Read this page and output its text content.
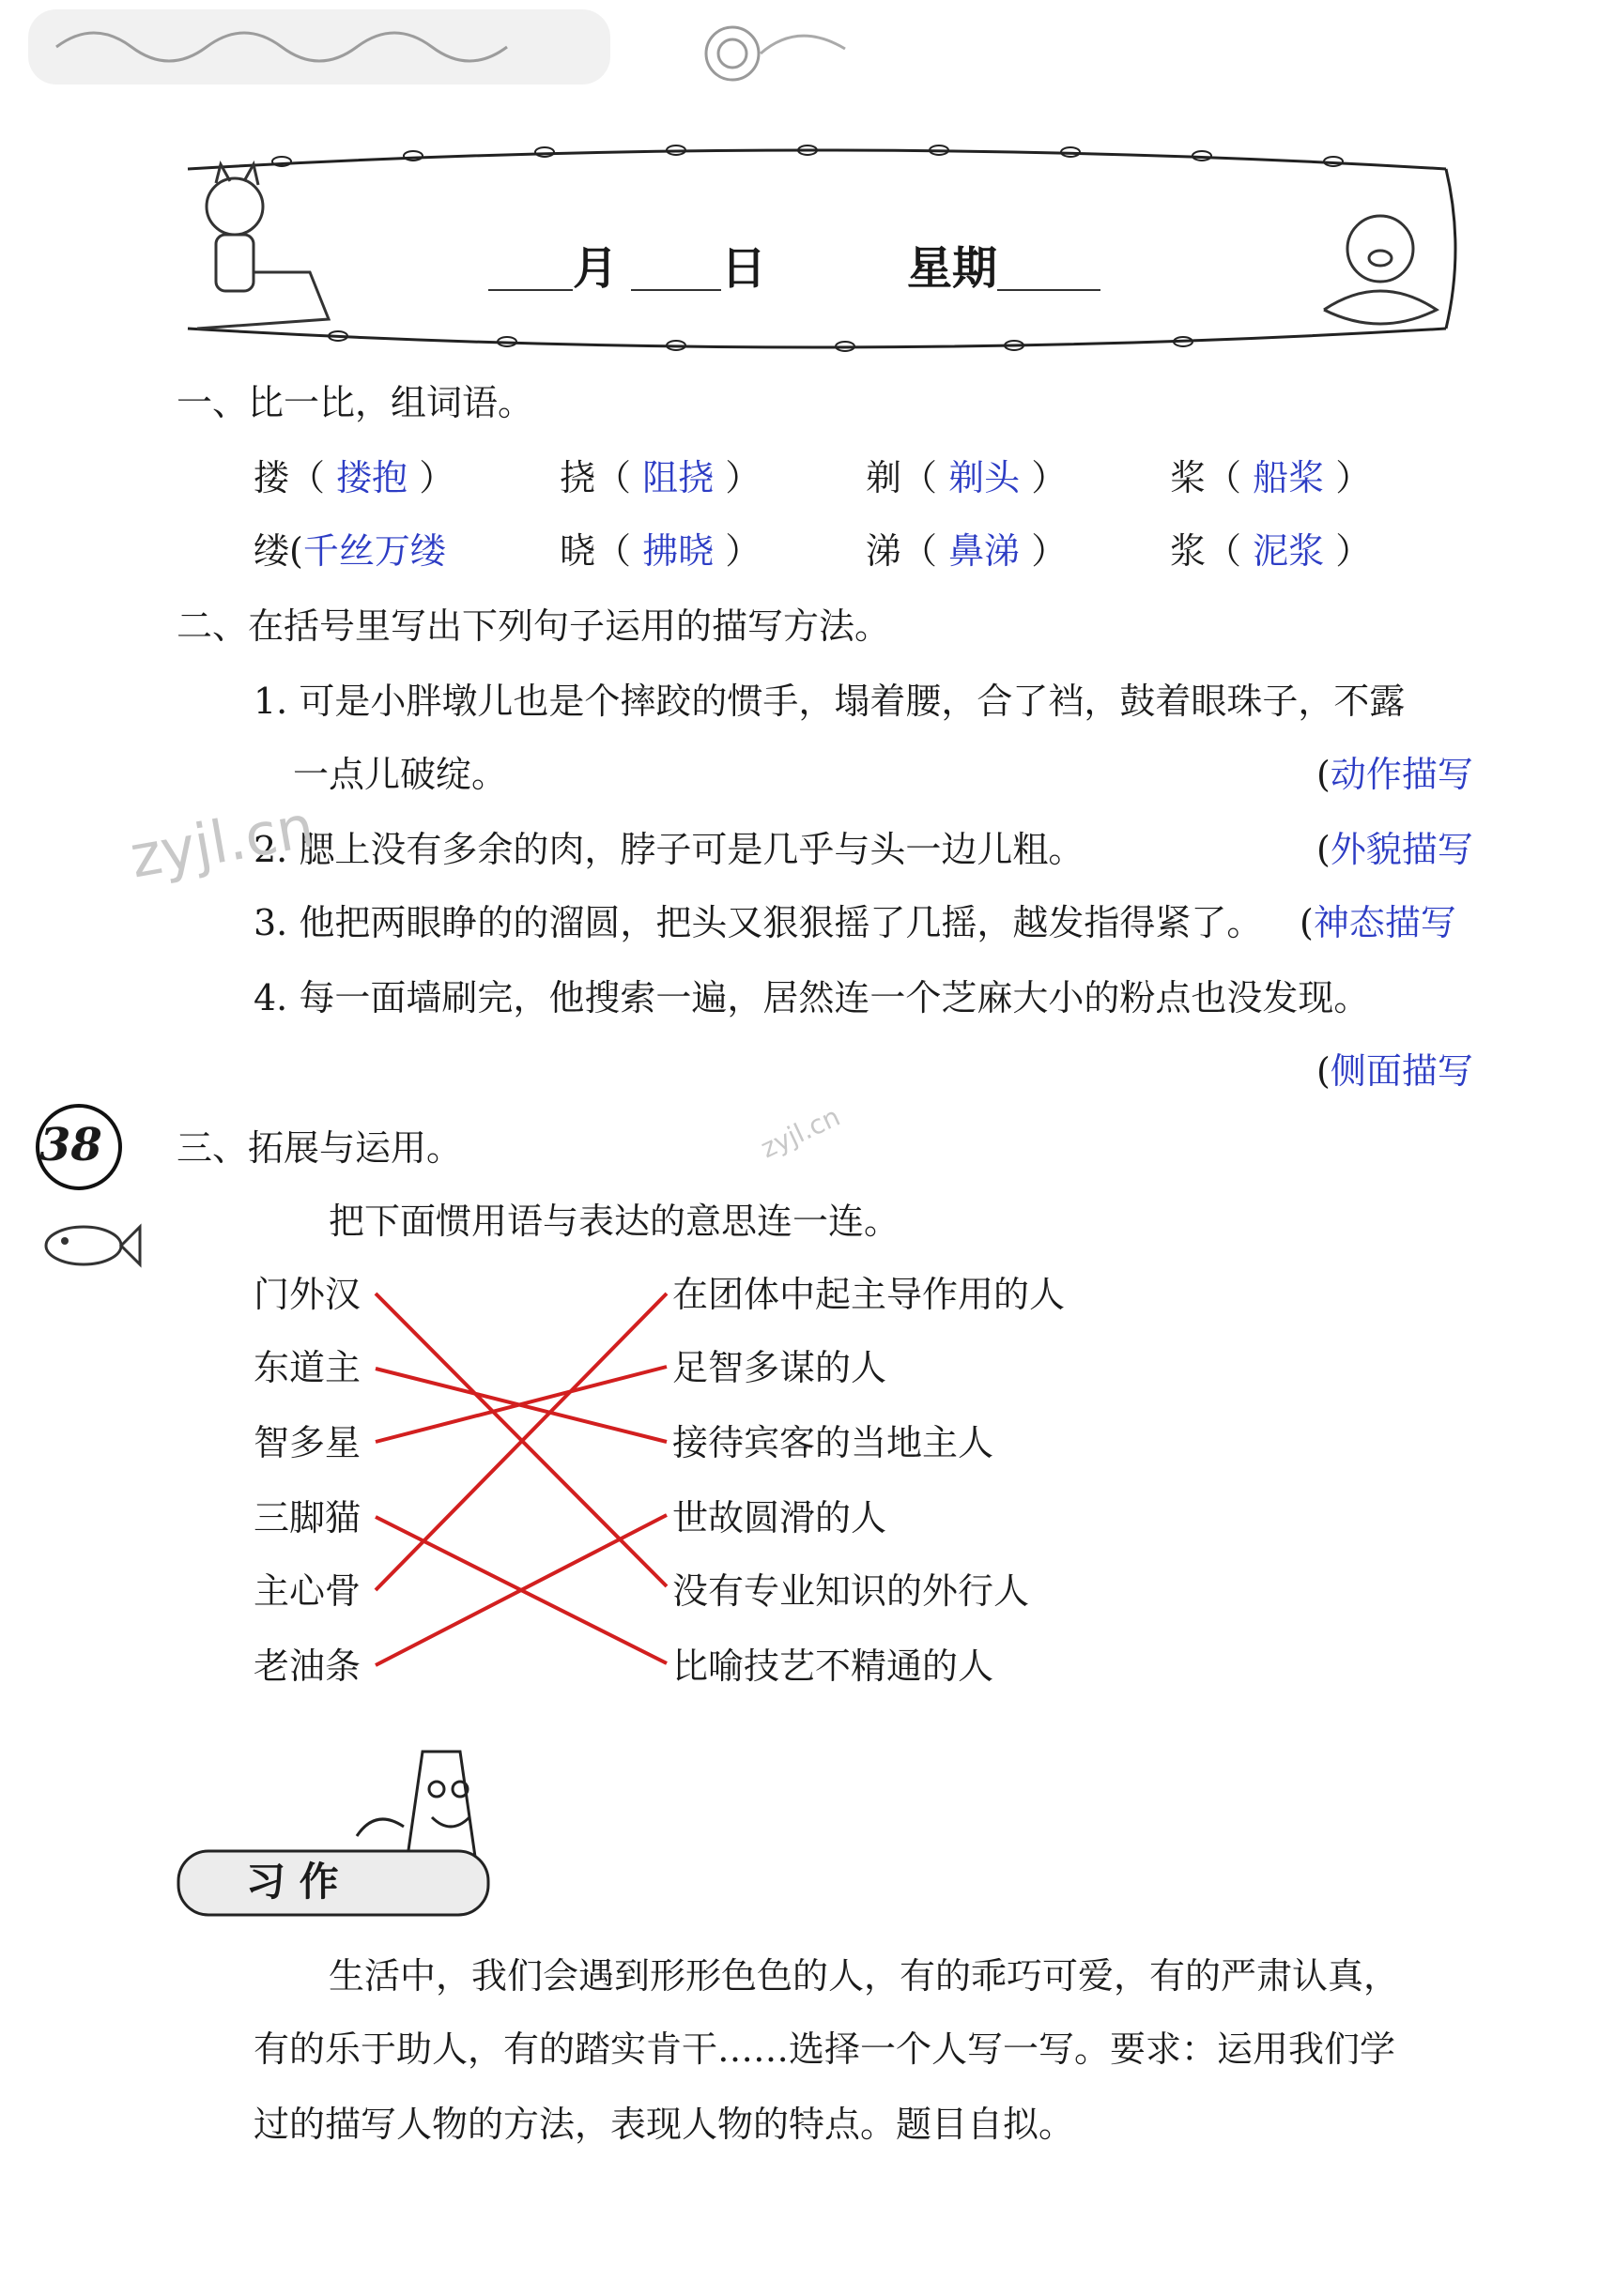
月	日	星期
一、比一比，组词语。
搂（ 搂抱 ）	挠（ 阻挠 ）	剃（ 剃头 ）	桨（ 船桨 ）
缕(千丝万缕	晓（ 拂晓 ）	涕（ 鼻涕 ）	浆（ 泥浆 ）
二、在括号里写出下列句子运用的描写方法。
1. 可是小胖墩儿也是个摔跤的惯手，塌着腰，合了裆，鼓着眼珠子，不露
一点儿破绽。	(动作描写
2. 腮上没有多余的肉，脖子可是几乎与头一边儿粗。	(外貌描写
3. 他把两眼睁的的溜圆，把头又狠狠摇了几摇，越发指得紧了。 (神态描写
4. 每一面墙刷完，他搜索一遍，居然连一个芝麻大小的粉点也没发现。
(侧面描写
zyjl.cn
zyjl.cn
38 三、拓展与运用。
把下面惯用语与表达的意思连一连。
门外汉
东道主
智多星
三脚猫
主心骨
老油条
在团体中起主导作用的人
足智多谋的人
接待宾客的当地主人
世故圆滑的人
没有专业知识的外行人
比喻技艺不精通的人
习 作
生活中，我们会遇到形形色色的人，有的乖巧可爱，有的严肃认真，
有的乐于助人，有的踏实肯干……选择一个人写一写。要求：运用我们学
过的描写人物的方法，表现人物的特点。题目自拟。
